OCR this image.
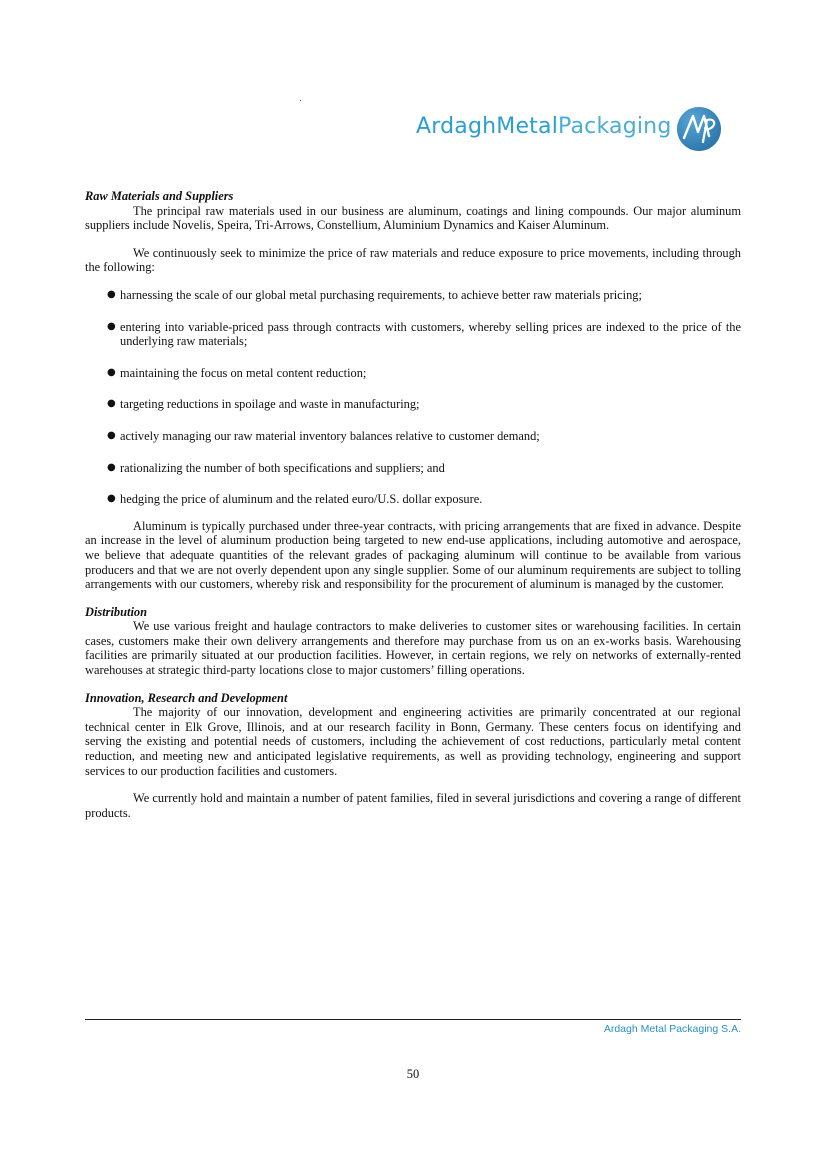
ArdaghMetalPackaging

Raw Materials and Suppliers

The principal raw materials used in our business are aluminum, coatings and lining compounds. Our major aluminum suppliers include Novelis, Speira, Tri-Arrows, Constellium, Aluminium Dynamics and Kaiser Aluminum.

We continuously seek to minimize the price of raw materials and reduce exposure to price movements, including through the following:

● harnessing the scale of our global metal purchasing requirements, to achieve better raw materials pricing;
● entering into variable-priced pass through contracts with customers, whereby selling prices are indexed to the price of the underlying raw materials;
● maintaining the focus on metal content reduction;
● targeting reductions in spoilage and waste in manufacturing;
● actively managing our raw material inventory balances relative to customer demand;
● rationalizing the number of both specifications and suppliers; and
● hedging the price of aluminum and the related euro/U.S. dollar exposure.

Aluminum is typically purchased under three-year contracts, with pricing arrangements that are fixed in advance. Despite an increase in the level of aluminum production being targeted to new end-use applications, including automotive and aerospace, we believe that adequate quantities of the relevant grades of packaging aluminum will continue to be available from various producers and that we are not overly dependent upon any single supplier. Some of our aluminum requirements are subject to tolling arrangements with our customers, whereby risk and responsibility for the procurement of aluminum is managed by the customer.

Distribution

We use various freight and haulage contractors to make deliveries to customer sites or warehousing facilities. In certain cases, customers make their own delivery arrangements and therefore may purchase from us on an ex-works basis. Warehousing facilities are primarily situated at our production facilities. However, in certain regions, we rely on networks of externally-rented warehouses at strategic third-party locations close to major customers’ filling operations.

Innovation, Research and Development

The majority of our innovation, development and engineering activities are primarily concentrated at our regional technical center in Elk Grove, Illinois, and at our research facility in Bonn, Germany. These centers focus on identifying and serving the existing and potential needs of customers, including the achievement of cost reductions, particularly metal content reduction, and meeting new and anticipated legislative requirements, as well as providing technology, engineering and support services to our production facilities and customers.

We currently hold and maintain a number of patent families, filed in several jurisdictions and covering a range of different products.

Ardagh Metal Packaging S.A.
50
